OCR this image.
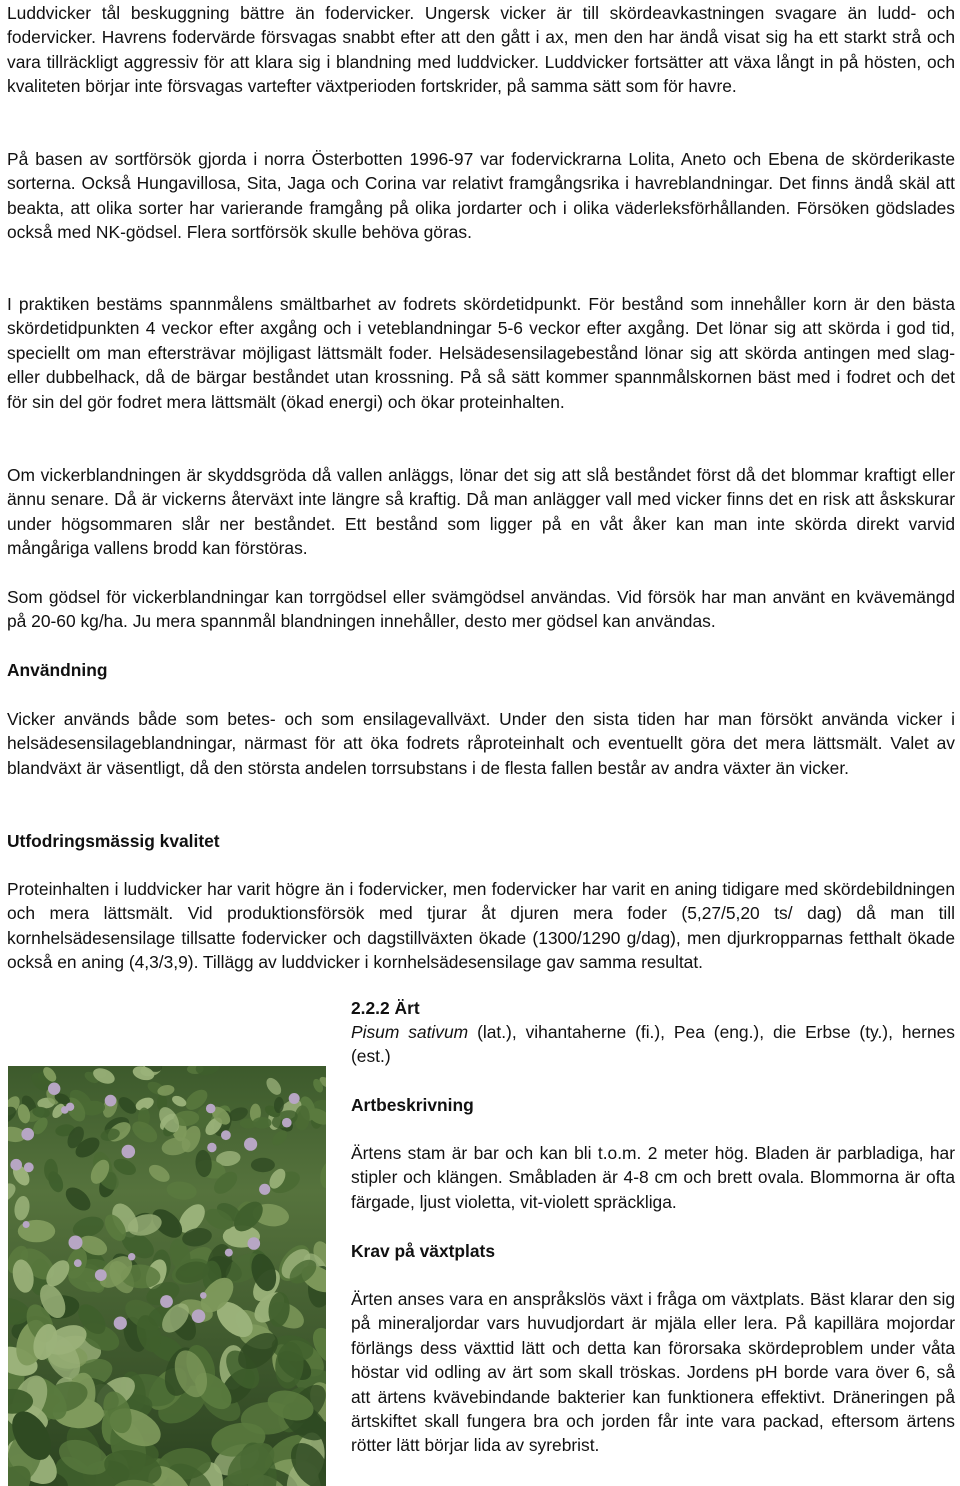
Luddvicker tål beskuggning bättre än fodervicker. Ungersk vicker är till skördeavkastningen svagare än ludd- och fodervicker. Havrens fodervärde försvagas snabbt efter att den gått i ax, men den har ändå visat sig ha ett starkt strå och vara tillräckligt aggressiv för att klara sig i blandning med luddvicker. Luddvicker fortsätter att växa långt in på hösten, och kvaliteten börjar inte försvagas vartefter växtperioden fortskrider, på samma sätt som för havre.

På basen av sortförsök gjorda i norra Österbotten 1996-97 var fodervickrarna Lolita, Aneto och Ebena de skörderikaste sorterna. Också Hungavillosa, Sita, Jaga och Corina var relativt framgångsrika i havreblandningar. Det finns ändå skäl att beakta, att olika sorter har varierande framgång på olika jordarter och i olika väderleksförhållanden. Försöken gödslades också med NK-gödsel. Flera sortförsök skulle behöva göras.

I praktiken bestäms spannmålens smältbarhet av fodrets skördetidpunkt. För bestånd som innehåller korn är den bästa skördetidpunkten 4 veckor efter axgång och i veteblandningar 5-6 veckor efter axgång. Det lönar sig att skörda i god tid, speciellt om man eftersträvar möjligast lättsmält foder. Helsädesensilagebestånd lönar sig att skörda antingen med slag- eller dubbelhack, då de bärgar beståndet utan krossning. På så sätt kommer spannmålskornen bäst med i fodret och det för sin del gör fodret mera lättsmält (ökad energi) och ökar proteinhalten.

Om vickerblandningen är skyddsgröda då vallen anläggs, lönar det sig att slå beståndet först då det blommar kraftigt eller ännu senare. Då är vickerns återväxt inte längre så kraftig. Då man anlägger vall med vicker finns det en risk att åskskurar under högsommaren slår ner beståndet. Ett bestånd som ligger på en våt åker kan man inte skörda direkt varvid mångåriga vallens brodd kan förstöras.

Som gödsel för vickerblandningar kan torrgödsel eller svämgödsel användas. Vid försök har man använt en kvävemängd på 20-60 kg/ha. Ju mera spannmål blandningen innehåller, desto mer gödsel kan användas.

Användning

Vicker används både som betes- och som ensilagevallväxt. Under den sista tiden har man försökt använda vicker i helsädesensilageblandningar, närmast för att öka fodrets råproteinhalt och eventuellt göra det mera lättsmält. Valet av blandväxt är väsentligt, då den största andelen torrsubstans i de flesta fallen består av andra växter än vicker.

Utfodringsmässig kvalitet

Proteinhalten i luddvicker har varit högre än i fodervicker, men fodervicker har varit en aning tidigare med skördebildningen och mera lättsmält. Vid produktionsförsök med tjurar åt djuren mera foder (5,27/5,20 ts/ dag) då man till kornhelsädesensilage tillsatte fodervicker och dagstillväxten ökade (1300/1290 g/dag), men djurkropparnas fetthalt ökade också en aning (4,3/3,9). Tillägg av luddvicker i kornhelsädesensilage gav samma resultat.

2.2.2 Ärt

Pisum sativum (lat.), vihantaherne (fi.), Pea (eng.), die Erbse (ty.), hernes (est.)

Artbeskrivning

Ärtens stam är bar och kan bli t.o.m. 2 meter hög. Bladen är parbladiga, har stipler och klängen. Småbladen är 4-8 cm och brett ovala. Blommorna är ofta färgade, ljust violetta, vit-violett spräckliga.

Krav på växtplats

Ärten anses vara en anspråkslös växt i fråga om växtplats. Bäst klarar den sig på mineraljordar vars huvudjordart är mjäla eller lera. På kapillära mojordar förlängs dess växttid lätt och detta kan förorsaka skördeproblem under våta höstar vid odling av ärt som skall tröskas. Jordens pH borde vara över 6, så att ärtens kvävebindande bakterier kan funktionera effektivt. Dräneringen på ärtskiftet skall fungera bra och jorden får inte vara packad, eftersom ärtens rötter lätt börjar lida av syrebrist.
